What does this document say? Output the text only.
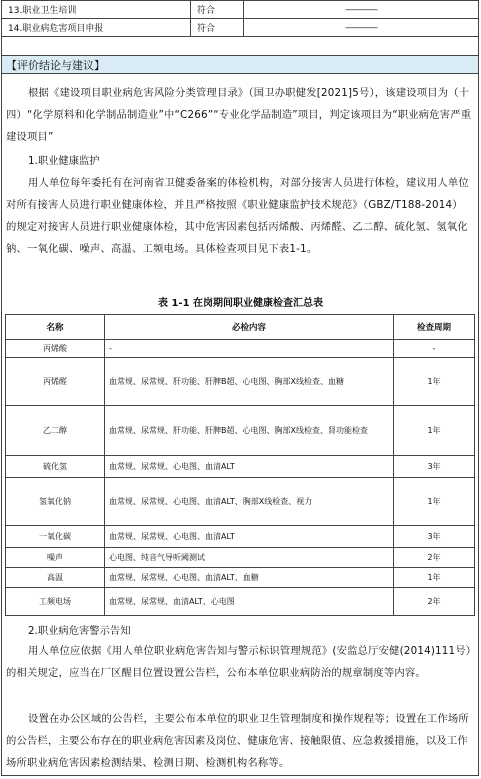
13.职业卫生培训	符合	————
14.职业病危害项目申报	符合	————
【评价结论与建议】

根据《建设项目职业病危害风险分类管理目录》（国卫办职健发[2021]5号），该建设项目为（十四）“化学原料和化学制品制造业”中“C266”“专业化学品制造”项目，判定该项目为“职业病危害严重建设项目”

1.职业健康监护

用人单位每年委托有在河南省卫健委备案的体检机构，对部分接害人员进行体检，建议用人单位对所有接害人员进行职业健康体检，并且严格按照《职业健康监护技术规范》（GBZ/T188-2014）的规定对接害人员进行职业健康体检，其中危害因素包括丙烯酸、丙烯醛、乙二醇、硫化氢、氢氧化钠、一氧化碳、噪声、高温、工频电场。具体检查项目见下表1-1。

表 1-1 在岗期间职业健康检查汇总表
名称	必检内容	检查周期
丙烯酸	-	-
丙烯醛	血常规、尿常规、肝功能、肝脾B超、心电图、胸部X线检查、血糖	1年
乙二醇	血常规、尿常规、肝功能、肝脾B超、心电图、胸部X线检查、肾功能检查	1年
硫化氢	血常规、尿常规、心电图、血清ALT	3年
氢氧化钠	血常规、尿常规、心电图、血清ALT、胸部X线检查、视力	1年
一氧化碳	血常规、尿常规、心电图、血清ALT	3年
噪声	心电图、纯音气导听阈测试	2年
高温	血常规、尿常规、心电图、血清ALT、血糖	1年
工频电场	血常规、尿常规、血清ALT、心电图	2年

2.职业病危害警示告知

用人单位应依据《用人单位职业病危害告知与警示标识管理规范》(安监总厅安健(2014)111号）的相关规定，应当在厂区醒目位置设置公告栏，公布本单位职业病防治的规章制度等内容。

设置在办公区域的公告栏，主要公布本单位的职业卫生管理制度和操作规程等；设置在工作场所的公告栏，主要公布存在的职业病危害因素及岗位、健康危害、接触限值、应急救援措施，以及工作场所职业病危害因素检测结果、检测日期、检测机构名称等。
